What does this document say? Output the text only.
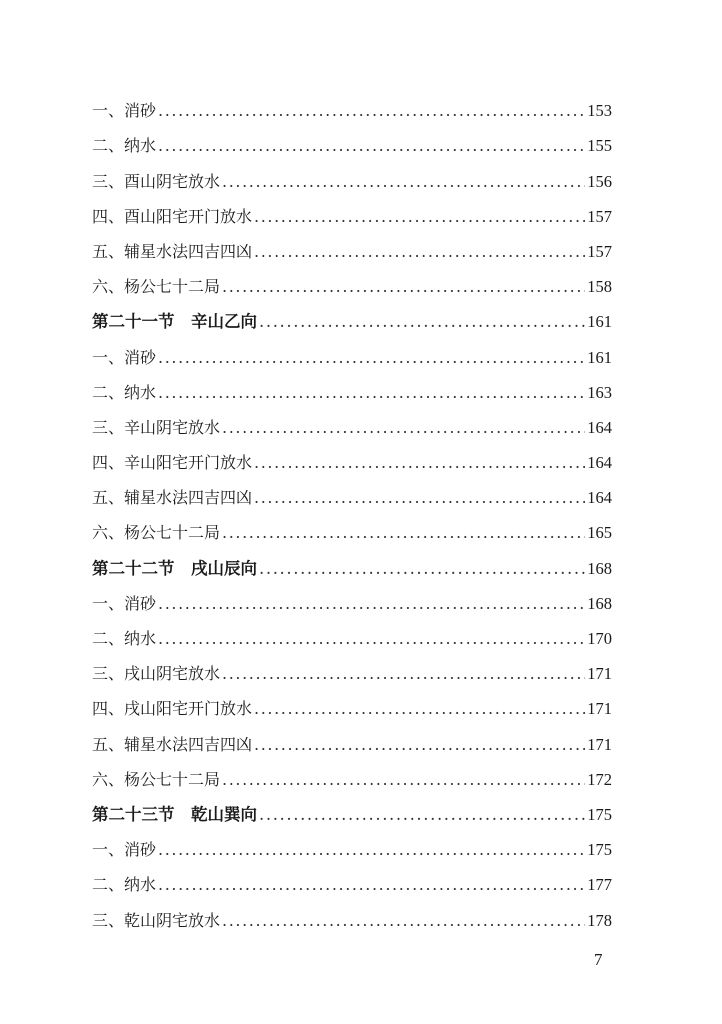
一、消砂 .....	153
二、纳水 .....	155
三、酉山阴宅放水 .....	156
四、酉山阳宅开门放水 .....	157
五、辅星水法四吉四凶 .....	157
六、杨公七十二局 .....	158
第二十一节　辛山乙向 .....	161
一、消砂 .....	161
二、纳水 .....	163
三、辛山阴宅放水 .....	164
四、辛山阳宅开门放水 .....	164
五、辅星水法四吉四凶 .....	164
六、杨公七十二局 .....	165
第二十二节　戌山辰向 .....	168
一、消砂 .....	168
二、纳水 .....	170
三、戌山阴宅放水 .....	171
四、戌山阳宅开门放水 .....	171
五、辅星水法四吉四凶 .....	171
六、杨公七十二局 .....	172
第二十三节　乾山巽向 .....	175
一、消砂 .....	175
二、纳水 .....	177
三、乾山阴宅放水 .....	178
7
